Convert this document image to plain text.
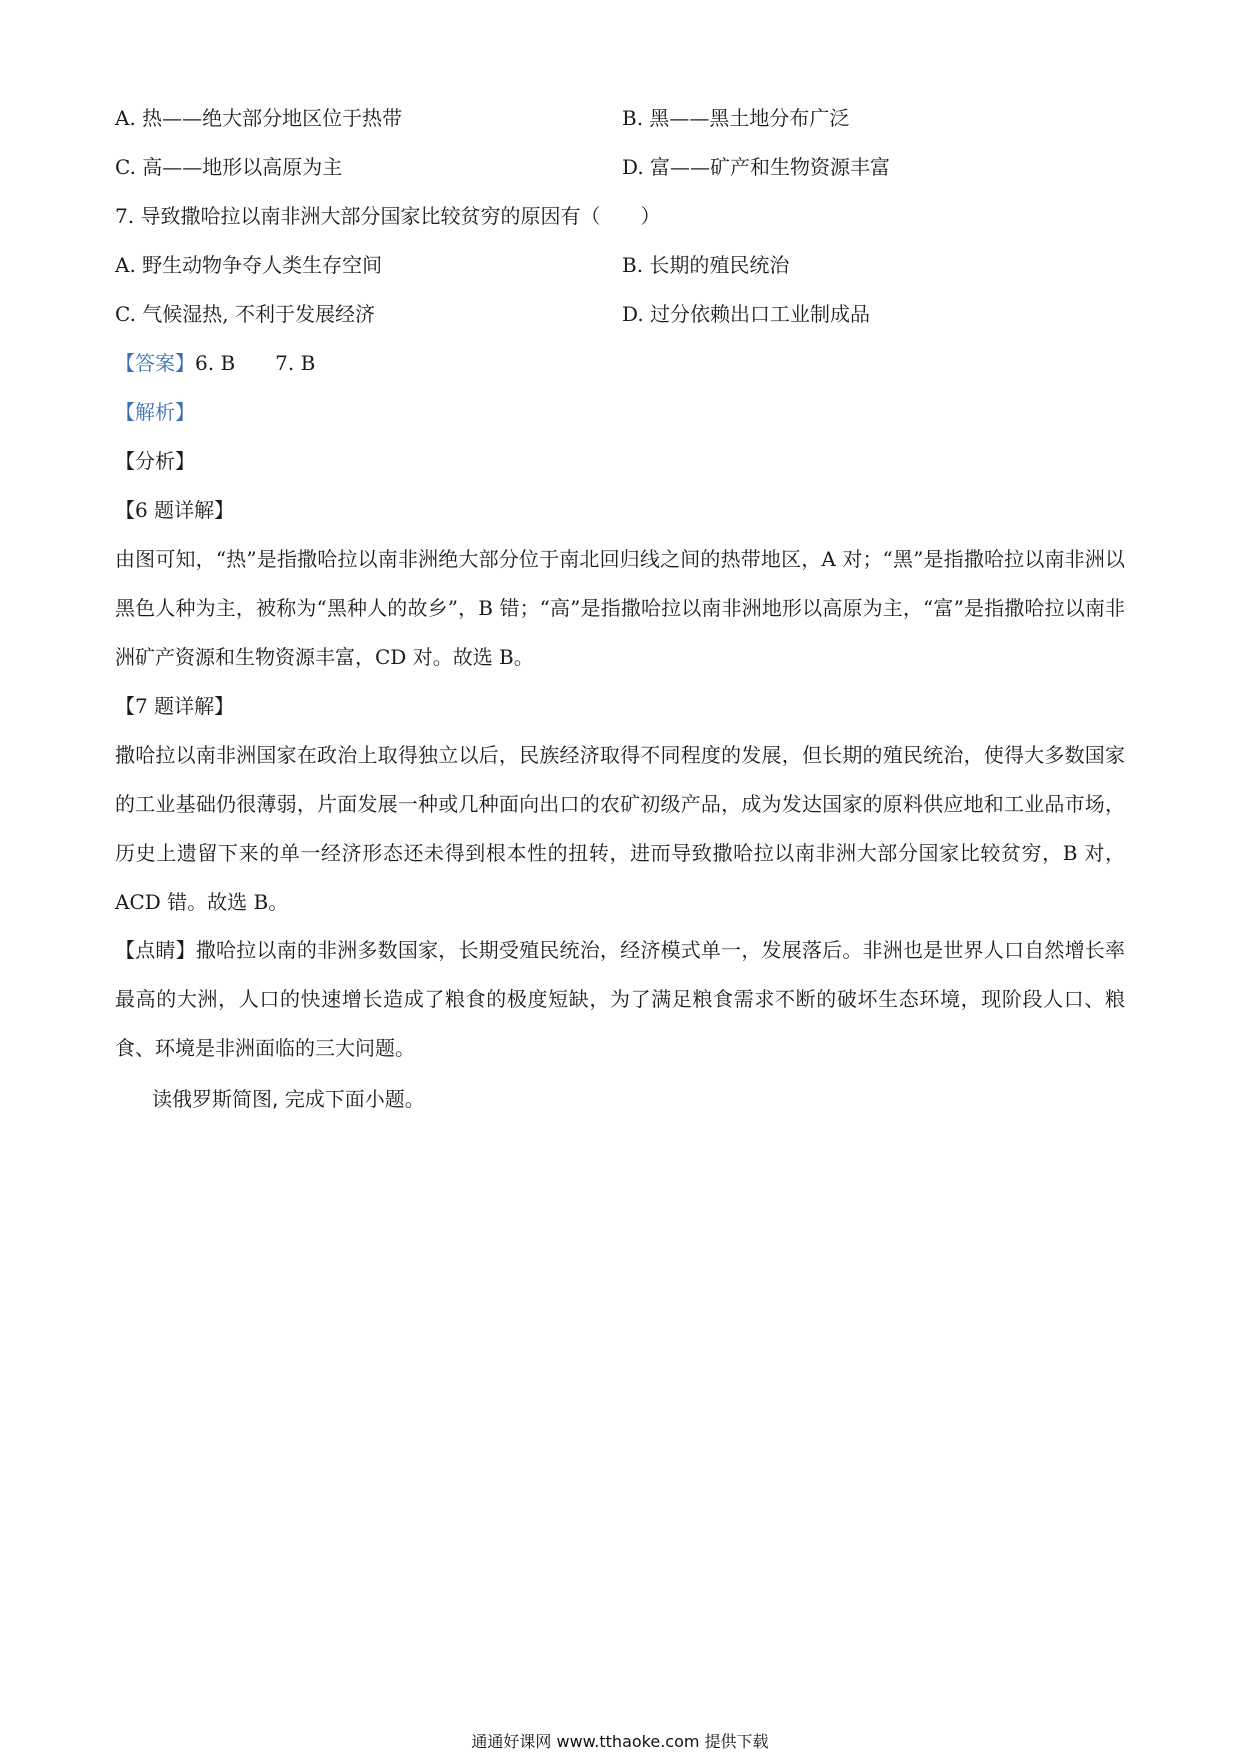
A. 热——绝大部分地区位于热带	B. 黑——黑土地分布广泛
C. 高——地形以高原为主	D. 富——矿产和生物资源丰富
7. 导致撒哈拉以南非洲大部分国家比较贫穷的原因有（　　）
A. 野生动物争夺人类生存空间	B. 长期的殖民统治
C. 气候湿热, 不利于发展经济	D. 过分依赖出口工业制成品
【答案】6. B　　7. B
【解析】
【分析】
【6 题详解】
由图可知，“热”是指撒哈拉以南非洲绝大部分位于南北回归线之间的热带地区，A 对；“黑”是指撒哈拉以南非洲以黑色人种为主，被称为“黑种人的故乡”，B 错；“高”是指撒哈拉以南非洲地形以高原为主，“富”是指撒哈拉以南非洲矿产资源和生物资源丰富，CD 对。故选 B。
【7 题详解】
撒哈拉以南非洲国家在政治上取得独立以后，民族经济取得不同程度的发展，但长期的殖民统治，使得大多数国家的工业基础仍很薄弱，片面发展一种或几种面向出口的农矿初级产品，成为发达国家的原料供应地和工业品市场，历史上遗留下来的单一经济形态还未得到根本性的扭转，进而导致撒哈拉以南非洲大部分国家比较贫穷，B 对，ACD 错。故选 B。
【点睛】撒哈拉以南的非洲多数国家，长期受殖民统治，经济模式单一，发展落后。非洲也是世界人口自然增长率最高的大洲，人口的快速增长造成了粮食的极度短缺，为了满足粮食需求不断的破坏生态环境，现阶段人口、粮食、环境是非洲面临的三大问题。
读俄罗斯简图, 完成下面小题。
通通好课网 www.tthaoke.com 提供下载
